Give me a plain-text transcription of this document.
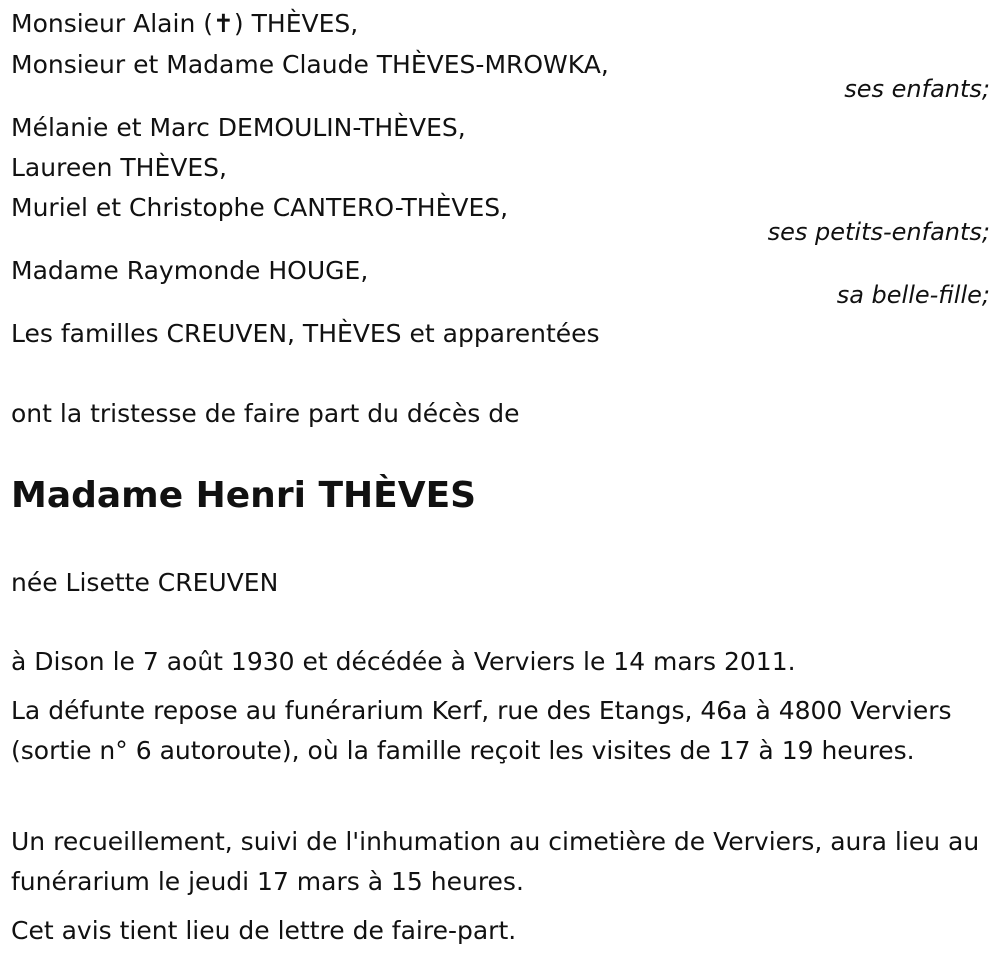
Monsieur Alain (✝) THÈVES,
Monsieur et Madame Claude THÈVES-MROWKA,
ses enfants;
Mélanie et Marc DEMOULIN-THÈVES,
Laureen THÈVES,
Muriel et Christophe CANTERO-THÈVES,
ses petits-enfants;
Madame Raymonde HOUGE,
sa belle-fille;
Les familles CREUVEN, THÈVES et apparentées
ont la tristesse de faire part du décès de
Madame Henri THÈVES
née Lisette CREUVEN
à Dison le 7 août 1930 et décédée à Verviers le 14 mars 2011.
La défunte repose au funérarium Kerf, rue des Etangs, 46a à 4800 Verviers (sortie n° 6 autoroute), où la famille reçoit les visites de 17 à 19 heures.
Un recueillement, suivi de l'inhumation au cimetière de Verviers, aura lieu au funérarium le jeudi 17 mars à 15 heures.
Cet avis tient lieu de lettre de faire-part.
